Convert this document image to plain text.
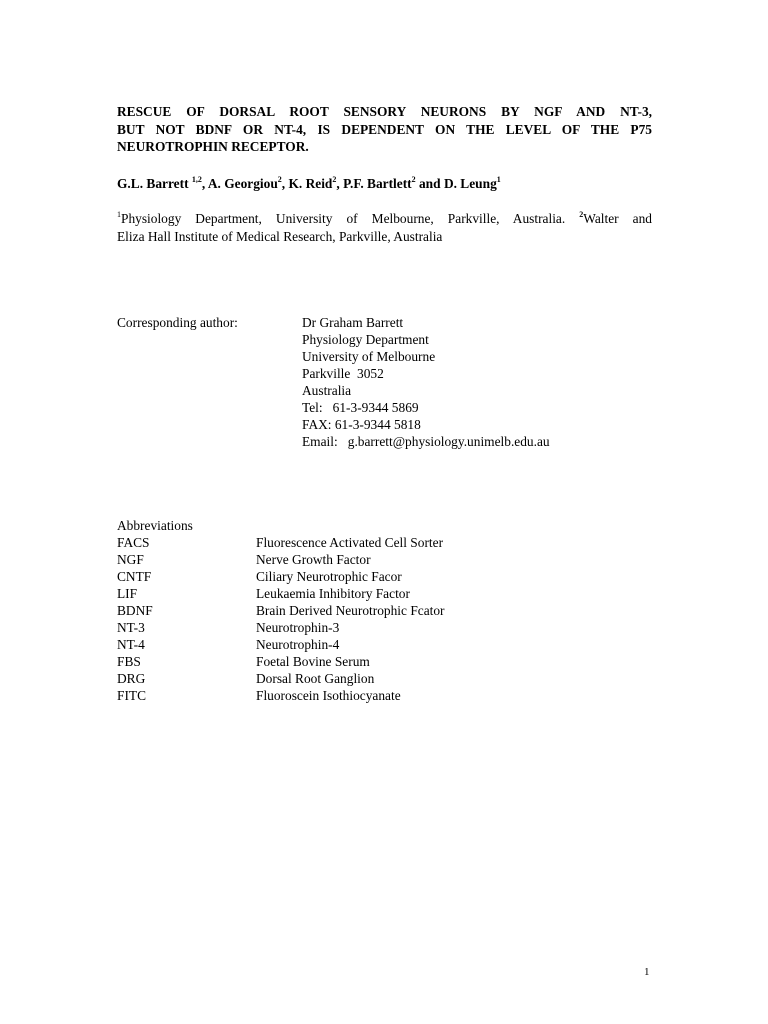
RESCUE OF DORSAL ROOT SENSORY NEURONS BY NGF AND NT-3,
BUT NOT BDNF OR NT-4, IS DEPENDENT ON THE LEVEL OF THE P75
NEUROTROPHIN RECEPTOR.
G.L. Barrett $^{1,2}$, A. Georgiou$^2$, K. Reid$^2$, P.F. Bartlett$^2$ and D. Leung$^1$
$^1$Physiology Department, University of Melbourne, Parkville, Australia. $^2$Walter and
Eliza Hall Institute of Medical Research, Parkville, Australia
Corresponding author:	Dr Graham Barrett
Physiology Department
University of Melbourne
Parkville  3052
Australia
Tel:   61-3-9344 5869
FAX: 61-3-9344 5818
Email:   g.barrett@physiology.unimelb.edu.au
Abbreviations
FACS	Fluorescence Activated Cell Sorter
NGF	Nerve Growth Factor
CNTF	Ciliary Neurotrophic Facor
LIF	Leukaemia Inhibitory Factor
BDNF	Brain Derived Neurotrophic Fcator
NT-3	Neurotrophin-3
NT-4	Neurotrophin-4
FBS	Foetal Bovine Serum
DRG	Dorsal Root Ganglion
FITC	Fluoroscein Isothiocyanate
1
